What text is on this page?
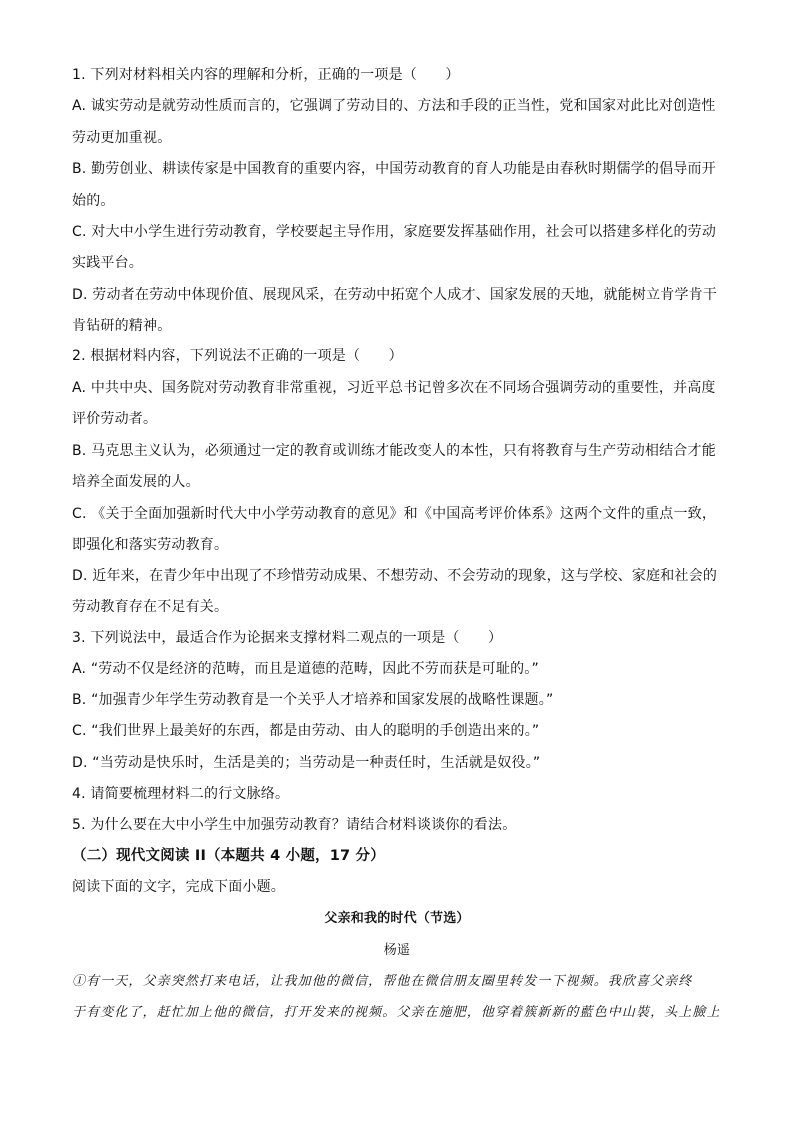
1. 下列对材料相关内容的理解和分析，正确的一项是（　　）
A. 诚实劳动是就劳动性质而言的，它强调了劳动目的、方法和手段的正当性，党和国家对此比对创造性
劳动更加重视。
B. 勤劳创业、耕读传家是中国教育的重要内容，中国劳动教育的育人功能是由春秋时期儒学的倡导而开
始的。
C. 对大中小学生进行劳动教育，学校要起主导作用，家庭要发挥基础作用，社会可以搭建多样化的劳动
实践平台。
D. 劳动者在劳动中体现价值、展现风采，在劳动中拓宽个人成才、国家发展的天地，就能树立肯学肯干
肯钻研的精神。
2. 根据材料内容，下列说法不正确的一项是（　　）
A. 中共中央、国务院对劳动教育非常重视，习近平总书记曾多次在不同场合强调劳动的重要性，并高度
评价劳动者。
B. 马克思主义认为，必须通过一定的教育或训练才能改变人的本性，只有将教育与生产劳动相结合才能
培养全面发展的人。
C. 《关于全面加强新时代大中小学劳动教育的意见》和《中国高考评价体系》这两个文件的重点一致，
即强化和落实劳动教育。
D. 近年来，在青少年中出现了不珍惜劳动成果、不想劳动、不会劳动的现象，这与学校、家庭和社会的
劳动教育存在不足有关。
3. 下列说法中，最适合作为论据来支撑材料二观点的一项是（　　）
A. “劳动不仅是经济的范畴，而且是道德的范畴，因此不劳而获是可耻的。”
B. “加强青少年学生劳动教育是一个关乎人才培养和国家发展的战略性课题。”
C. “我们世界上最美好的东西，都是由劳动、由人的聪明的手创造出来的。”
D. “当劳动是快乐时，生活是美的；当劳动是一种责任时，生活就是奴役。”
4. 请简要梳理材料二的行文脉络。
5. 为什么要在大中小学生中加强劳动教育？请结合材料谈谈你的看法。
（二）现代文阅读 II（本题共 4 小题，17 分）
阅读下面的文字，完成下面小题。
父亲和我的时代（节选）
杨遥
①有一天，父亲突然打来电话，让我加他的微信，帮他在微信朋友圈里转发一下视频。我欣喜父亲终
于有变化了，赶忙加上他的微信，打开发来的视频。父亲在施肥，他穿着簇新新的藍色中山裝，头上臉上
